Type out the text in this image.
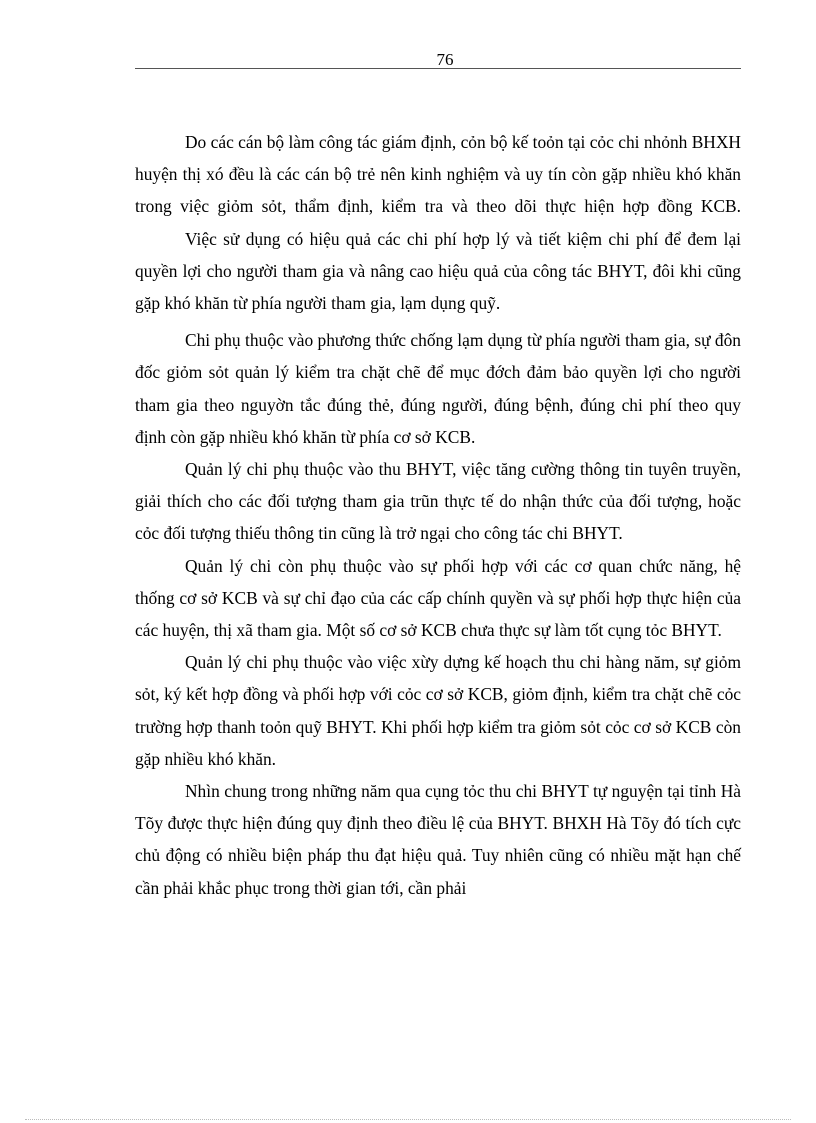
76

Do các cán bộ làm công tác giám định, cỏn bộ kế toỏn tại cỏc chi nhỏnh BHXH huyện thị xó đều là các cán bộ trẻ nên kinh nghiệm và uy tín còn gặp nhiều khó khăn trong việc giỏm sỏt, thẩm định, kiểm tra và theo dõi thực hiện hợp đồng KCB.

Việc sử dụng có hiệu quả các chi phí hợp lý và tiết kiệm chi phí để đem lại quyền lợi cho người tham gia và nâng cao hiệu quả của công tác BHYT, đôi khi cũng gặp khó khăn từ phía người tham gia, lạm dụng quỹ.

Chi phụ thuộc vào phương thức chống lạm dụng từ phía người tham gia, sự đôn đốc giỏm sỏt quản lý kiểm tra chặt chẽ để mục đớch đảm bảo quyền lợi cho người tham gia theo nguyờn tắc đúng thẻ, đúng người, đúng bệnh, đúng chi phí theo quy định còn gặp nhiều khó khăn từ phía cơ sở KCB.

Quản lý chi phụ thuộc vào thu BHYT, việc tăng cường thông tin tuyên truyền, giải thích cho các đối tượng tham gia trũn thực tế do nhận thức của đối tượng, hoặc cỏc đối tượng thiếu thông tin cũng là trở ngại cho công tác chi BHYT.

Quản lý chi còn phụ thuộc vào sự phối hợp với các cơ quan chức năng, hệ thống cơ sở KCB và sự chỉ đạo của các cấp chính quyền và sự phối hợp thực hiện của các huyện, thị xã tham gia. Một số cơ sở KCB chưa thực sự làm tốt cụng tỏc BHYT.

Quản lý chi phụ thuộc vào việc xừy dựng kế hoạch thu chi hàng năm, sự giỏm sỏt, ký kết hợp đồng và phối hợp với cỏc cơ sở KCB, giỏm định, kiểm tra chặt chẽ cỏc trường hợp thanh toỏn quỹ BHYT. Khi phối hợp kiểm tra giỏm sỏt cỏc cơ sở KCB còn gặp nhiều khó khăn.

Nhìn chung trong những năm qua cụng tỏc thu chi BHYT tự nguyện tại tỉnh Hà Tõy được thực hiện đúng quy định theo điều lệ của BHYT. BHXH Hà Tõy đó tích cực chủ động có nhiều biện pháp thu đạt hiệu quả. Tuy nhiên cũng có nhiều mặt hạn chế cần phải khắc phục trong thời gian tới, cần phải
